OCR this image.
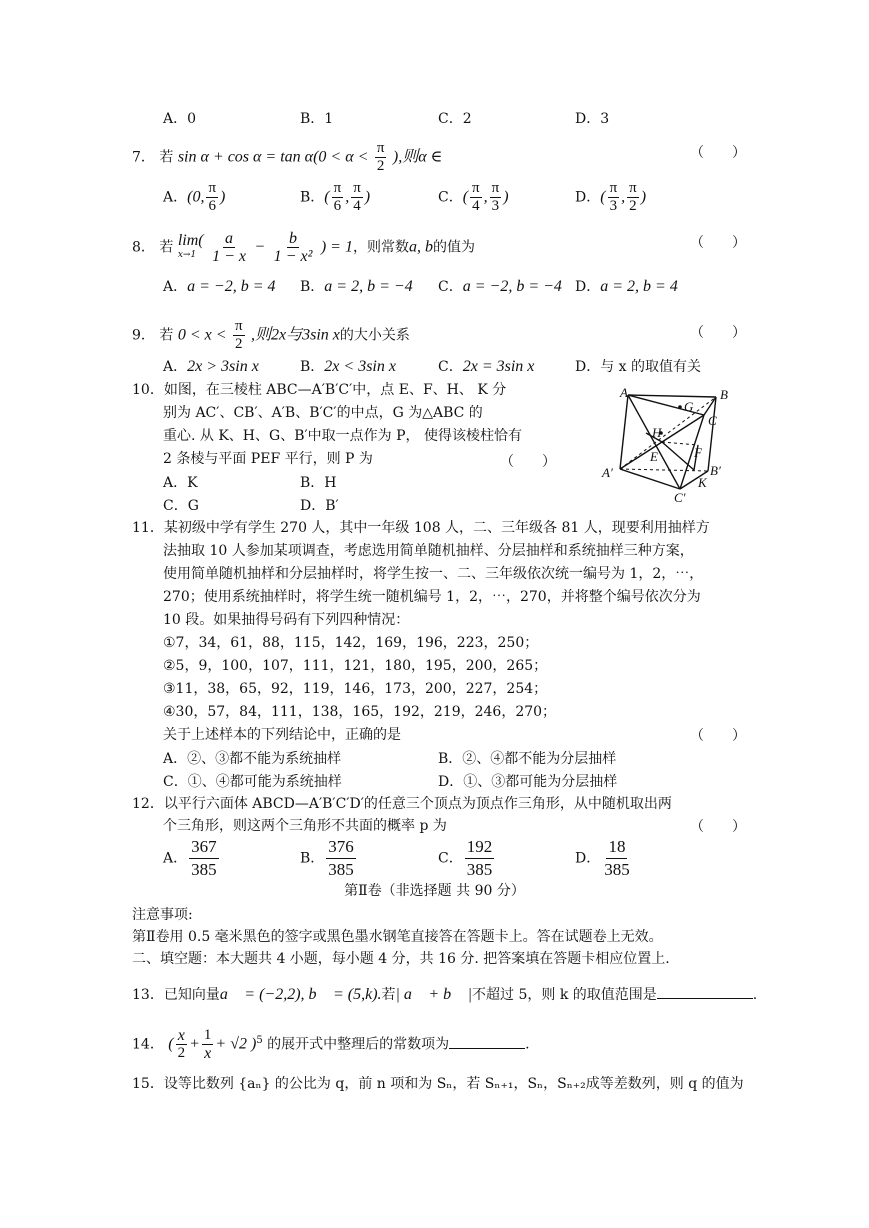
A．0	B．1	C．2	D．3
7． 若 $\sin \alpha + \cos \alpha = \tan \alpha(0 < \alpha < \frac{\pi}{2}$ ),则α ∈	（　　）
A．(0, $\frac{\pi}{6}$ )	B．( $\frac{\pi}{6}$ , $\frac{\pi}{4}$ )	C．( $\frac{\pi}{4}$ , $\frac{\pi}{3}$ )	D．( $\frac{\pi}{3}$ , $\frac{\pi}{2}$ )
8． 若 lim(
x→1
$\frac{a}{1 - x} - \frac{b}{\text{1 − x²}}$ ) = 1，则常数a, b的值为	（　　）
A．a = −2, b = 4 B．a = 2, b = −4 C．a = −2, b = −4 D．a = 2, b = 4
9． 若 $0 < x < \frac{\pi}{2}$ ,则2x与3sin x的大小关系	（　　）
A．2x > 3sin x	B．2x < 3sin x	C．2x = 3sin x	D．与 x 的取值有关
10．如图，在三棱柱 ABC—A′B′C′中，点 E、F、H、 K 分
别为 AC′、CB′、A′B、B′C′的中点，G 为△ABC 的
重心. 从 K、H、G、B′中取一点作为 P， 使得该棱柱恰有
2 条棱与平面 PEF 平行，则 P 为	（　　）
A．K	B．H
C．G	D．B′
A	B
C
G
H
E	F
A′	B′
C′
K
11．某初级中学有学生 270 人，其中一年级 108 人，二、三年级各 81 人，现要利用抽样方
法抽取 10 人参加某项调查，考虑选用简单随机抽样、分层抽样和系统抽样三种方案，
使用简单随机抽样和分层抽样时，将学生按一、二、三年级依次统一编号为 1，2，⋯，
270；使用系统抽样时，将学生统一随机编号 1，2，⋯，270，并将整个编号依次分为
10 段。如果抽得号码有下列四种情况：
①7，34，61，88，115，142，169，196，223，250；
②5，9，100，107，111，121，180，195，200，265；
③11，38，65，92，119，146，173，200，227，254；
④30，57，84，111，138，165，192，219，246，270；
关于上述样本的下列结论中，正确的是	（　　）
A．②、③都不能为系统抽样	B．②、④都不能为分层抽样
C．①、④都可能为系统抽样	D．①、③都可能为分层抽样
12．以平行六面体 ABCD—A′B′C′D′的任意三个顶点为顶点作三角形，从中随机取出两
个三角形，则这两个三角形不共面的概率 p 为	（　　）
A． $\frac{367}{385}$	B． $\frac{376}{385}$	C． $\frac{192}{385}$	D． $\frac{18}{385}$
第Ⅱ卷（非选择题 共 90 分）
注意事项:
第Ⅱ卷用 0.5 毫米黑色的签字或黑色墨水钢笔直接答在答题卡上。答在试题卷上无效。
二、填空题：本大题共 4 小题，每小题 4 分，共 16 分. 把答案填在答题卡相应位置上.
13．已知向量a⃗ = (−2,2), b⃗ = (5,k).若| a⃗ + b⃗ |不超过 5，则 k 的取值范围是	.
14． ( $\frac{x}{2} + \frac{1}{x} + √2$ )$^5$ 的展开式中整理后的常数项为	.
15．设等比数列 {aₙ} 的公比为 q，前 n 项和为 Sₙ，若 Sₙ₊₁，Sₙ，Sₙ₊₂成等差数列，则 q 的值为
